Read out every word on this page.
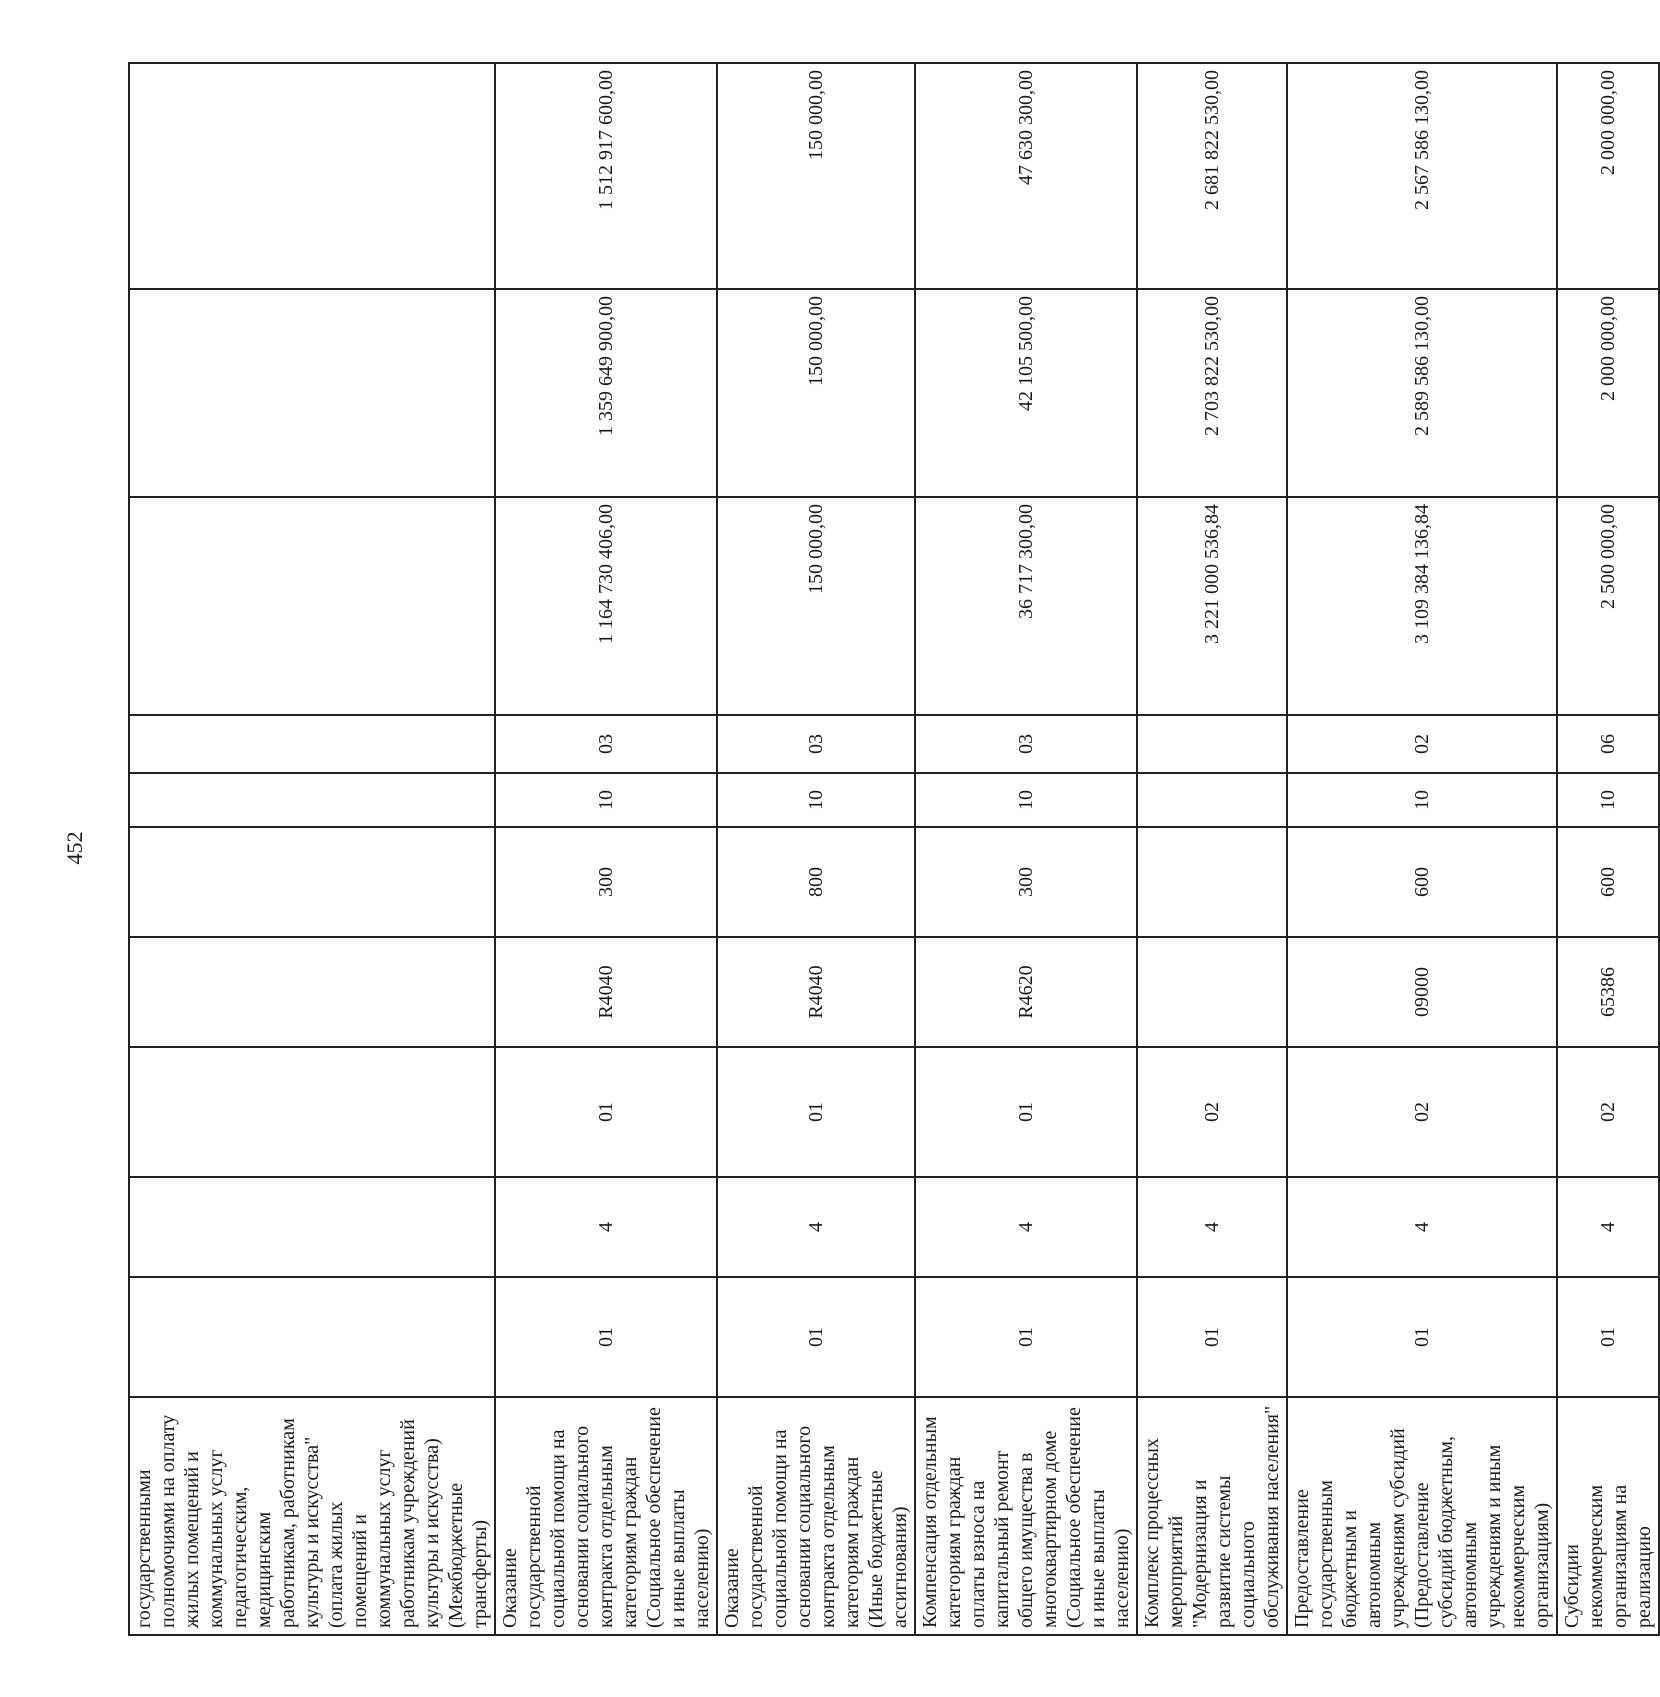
452
государственными полномочиями на оплату жилых помещений и коммунальных услуг педагогическим, медицинским работникам, работникам культуры и искусства" (оплата жилых помещений и коммунальных услуг работникам учреждений культуры и искусства) (Межбюджетные трансферты)										
Оказание государственной социальной помощи на основании социального контракта отдельным категориям граждан (Социальное обеспечение и иные выплаты населению)	01	4	01	R4040	300	10	03	1 164 730 406,00	1 359 649 900,00	1 512 917 600,00
Оказание государственной социальной помощи на основании социального контракта отдельным категориям граждан (Иные бюджетные ассигнования)	01	4	01	R4040	800	10	03	150 000,00	150 000,00	150 000,00
Компенсация отдельным категориям граждан оплаты взноса на капитальный ремонт общего имущества в многоквартирном доме (Социальное обеспечение и иные выплаты населению)	01	4	01	R4620	300	10	03	36 717 300,00	42 105 500,00	47 630 300,00
Комплекс процессных мероприятий "Модернизация и развитие системы социального обслуживания населения"	01	4	02					3 221 000 536,84	2 703 822 530,00	2 681 822 530,00
Предоставление государственным бюджетным и автономным учреждениям субсидий (Предоставление субсидий бюджетным, автономным учреждениям и иным некоммерческим организациям)	01	4	02	09000	600	10	02	3 109 384 136,84	2 589 586 130,00	2 567 586 130,00
Субсидии некоммерческим организациям на реализацию	01	4	02	65386	600	10	06	2 500 000,00	2 000 000,00	2 000 000,00
